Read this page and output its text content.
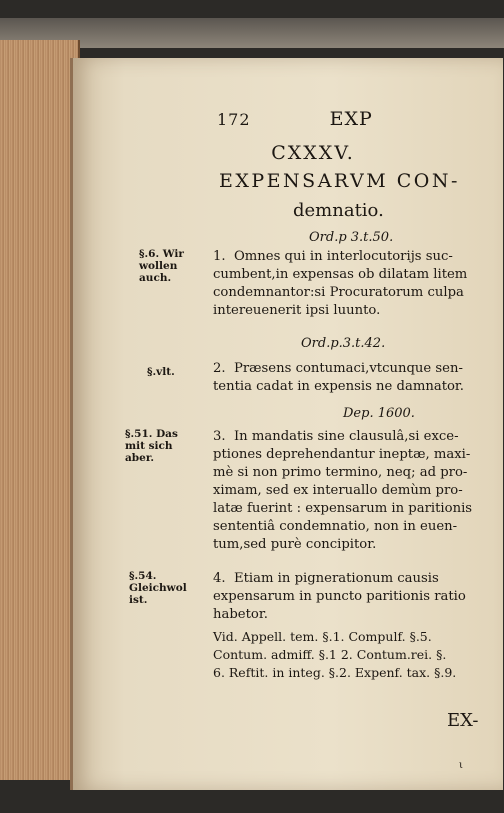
172	EXP
CXXXV.
EXPENSARVM CON-
demnatio.
Ord.p 3.t.50.
§.6. Wir wollen auch.
1.  Omnes qui in interlocutorijs suc-
cumbent,in expensas ob dilatam litem
condemnantor:si Procuratorum culpa
intereuenerit ipsi luunto.
Ord.p.3.t.42.
§.vlt.	2.  Præsens contumaci,vtcunque sen-
tentia cadat in expensis ne damnator.
Dep. 1600.
§.51. Das mit sich aber.
3.  In mandatis sine clausulâ,si exce-
ptiones deprehendantur ineptæ, maxi-
mè si non primo termino, neq; ad pro-
ximam, sed ex interuallo demùm pro-
latæ fuerint : expensarum in paritionis
sententiâ condemnatio, non in euen-
tum,sed purè concipitor.
§.54. Gleichwol ist.
4.  Etiam in pignerationum causis
expensarum in puncto paritionis ratio
habetor.
Vid. Appell. tem. §.1. Compulf. §.5.
Contum. admiff. §.1 2. Contum.rei. §.
6. Reftit. in integ. §.2. Expenf. tax. §.9.
EX-
ι
